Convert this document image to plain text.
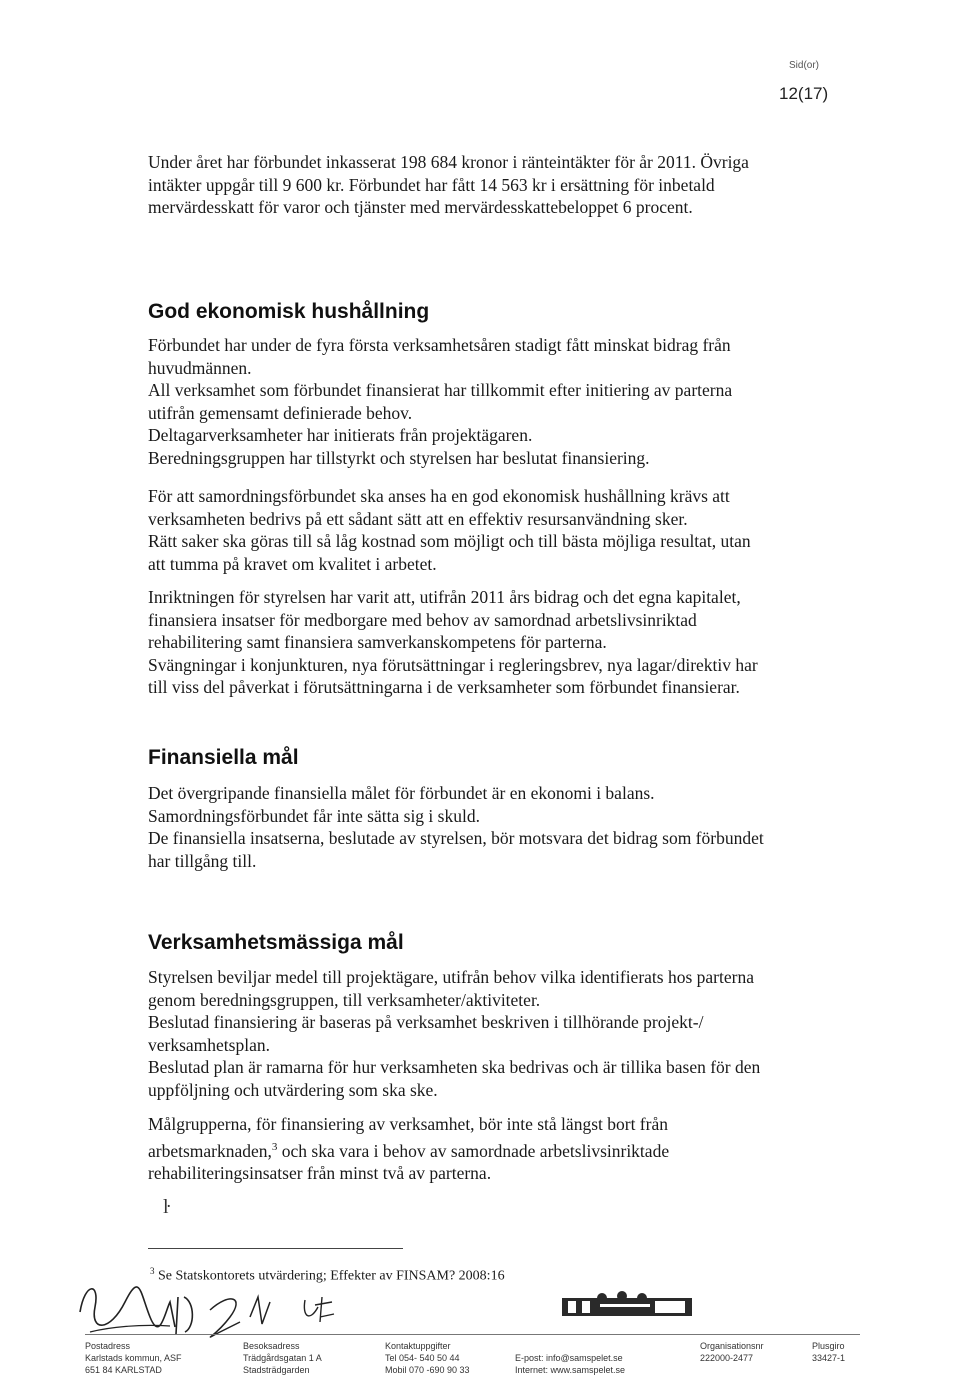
Sid(or)
12(17)

Under året har förbundet inkasserat 198 684 kronor i ränteintäkter för år 2011. Övriga
intäkter uppgår till 9 600 kr. Förbundet har fått 14 563 kr i ersättning för inbetald
mervärdesskatt för varor och tjänster med mervärdesskattebeloppet 6 procent.

God ekonomisk hushållning

Förbundet har under de fyra första verksamhetsåren stadigt fått minskat bidrag från
huvudmännen.
All verksamhet som förbundet finansierat har tillkommit efter initiering av parterna
utifrån gemensamt definierade behov.
Deltagarverksamheter har initierats från projektägaren.
Beredningsgruppen har tillstyrkt och styrelsen har beslutat finansiering.

För att samordningsförbundet ska anses ha en god ekonomisk hushållning krävs att
verksamheten bedrivs på ett sådant sätt att en effektiv resursanvändning sker.
Rätt saker ska göras till så låg kostnad som möjligt och till bästa möjliga resultat, utan
att tumma på kravet om kvalitet i arbetet.

Inriktningen för styrelsen har varit att, utifrån 2011 års bidrag och det egna kapitalet,
finansiera insatser för medborgare med behov av samordnad arbetslivsinriktad
rehabilitering samt finansiera samverkanskompetens för parterna.
Svängningar i konjunkturen, nya förutsättningar i regleringsbrev, nya lagar/direktiv har
till viss del påverkat i förutsättningarna i de verksamheter som förbundet finansierar.

Finansiella mål

Det övergripande finansiella målet för förbundet är en ekonomi i balans.
Samordningsförbundet får inte sätta sig i skuld.
De finansiella insatserna, beslutade av styrelsen, bör motsvara det bidrag som förbundet
har tillgång till.

Verksamhetsmässiga mål

Styrelsen beviljar medel till projektägare, utifrån behov vilka identifierats hos parterna
genom beredningsgruppen, till verksamheter/aktiviteter.
Beslutad finansiering är baseras på verksamhet beskriven i tillhörande projekt-/
verksamhetsplan.
Beslutad plan är ramarna för hur verksamheten ska bedrivas och är tillika basen för den
uppföljning och utvärdering som ska ske.

Målgrupperna, för finansiering av verksamhet, bör inte stå längst bort från
arbetsmarknaden,$^3$ och ska vara i behov av samordnade arbetslivsinriktade
rehabiliteringsinsatser från minst två av parterna.

ŀ
$^3$ Se Statskontorets utvärdering; Effekter av FINSAM? 2008:16
Postadress
Karlstads kommun, ASF
651 84 KARLSTAD
Besoksadress
Trädgårdsgatan 1 A
Stadsträdgarden
Kontaktuppgifter
Tel 054- 540 50 44
Mobil 070 -690 90 33
E-post: info@samspelet.se
Internet: www.samspelet.se
Organisationsnr
222000-2477
Plusgiro
33427-1
